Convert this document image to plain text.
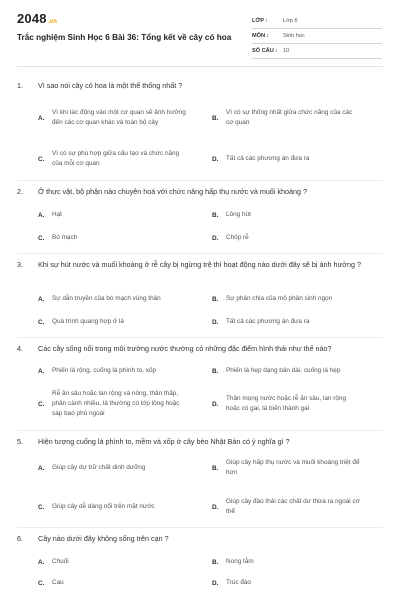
2048.vn
Trắc nghiệm Sinh Học 6 Bài 36: Tổng kết về cây có hoa
LỚP :	Lớp 6
MÔN :	Sinh học
SỐ CÂU :	10
1. Vì sao nói cây có hoa là một thể thống nhất ?
A.
Vì khi tác động vào một cơ quan sẽ ảnh hưởng đến các cơ quan khác và toàn bộ cây
B.
Vì có sự thống nhất giữa chức năng của các cơ quan
C.
Vì có sự phù hợp giữa cấu tạo và chức năng của mỗi cơ quan
D.	Tất cả các phương án đưa ra
2. Ở thực vật, bộ phận nào chuyên hoá với chức năng hấp thụ nước và muối khoáng ?
A.	Hạt	B.	Lông hút
C.	Bó mạch	D.	Chóp rễ
3. Khi sự hút nước và muối khoáng ở rễ cây bị ngừng trệ thì hoạt động nào dưới đây sẽ bị ảnh hưởng ?
A.	Sự dẫn truyền của bó mạch vùng thân	B.	Sự phân chia của mô phân sinh ngọn
C.	Quá trình quang hợp ở lá	D.	Tất cả các phương án đưa ra
4. Các cây sống nổi trong môi trường nước thường có những đặc điểm hình thái như thế nào?
A.	Phiến lá rộng, cuống lá phình to, xốp	B.	Phiến lá hẹp dạng bản dài, cuống lá hẹp
C.
Rễ ăn sâu hoặc lan rộng và nông, thân thấp, phân cành nhiều, lá thường có lớp lông hoặc sáp bao phủ ngoài
D.
Thân mọng nước hoặc rễ ăn sâu, lan rộng hoặc có gai, lá biến thành gai
5. Hiện tượng cuống lá phình to, mềm và xốp ở cây bèo Nhật Bản có ý nghĩa gì ?
A.	Giúp cây dự trữ chất dinh dưỡng	B.
Giúp cây hấp thụ nước và muối khoáng triệt để hơn
C.	Giúp cây dễ dàng nổi trên mặt nước	D.
Giúp cây đào thải các chất dư thừa ra ngoài cơ thể
6. Cây nào dưới đây không sống trên cạn ?
A.	Chuối	B.	Nong tằm
C.	Cau	D.	Trúc đào
